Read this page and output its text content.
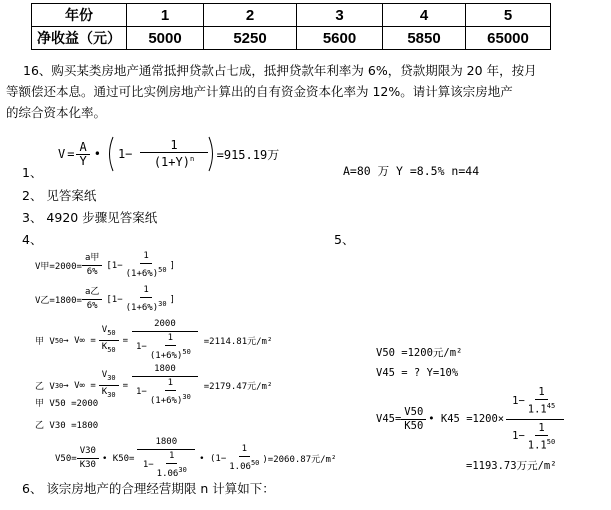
年份	1	2	3	4	5
净收益（元）	5000	5250	5600	5850	65000
16、购买某类房地产通常抵押贷款占七成，抵押贷款年利率为 6%，贷款期限为 20 年，按月
等额偿还本息。通过可比实例房地产计算出的自有资金资本化率为 12%。请计算该宗房地产
的综合资本化率。
1、
$V = \frac{A}{Y}$ • $1- \frac{1}{(1+Y)^n} =915.19$万
A=80 万 Y =8.5% n=44
2、 见答案纸
3、 4920 步骤见答案纸
4、
V甲=2000=
a甲
6%
[$1- \frac{1}{(1+6\%)^{50}}$ ]
V乙=1800=
a乙
6%
[$1- \frac{1}{(1+6\%)^{30}}$ ]
甲 V $50 \to V\infty = \frac{V_{50}}{K_{50}} = \frac{2000}{1- \frac{1}{(1+6\%)^{50}}} =2114.81$元/m²
乙 V $30 \to V\infty = \frac{V_{30}}{K_{30}} = \frac{1800}{1- \frac{1}{(1+6\%)^{30}}} =2179.47$元/m²
甲 V50 =2000
乙 V30 =1800
$V50= \frac{V30}{K30}$ • $K50= \frac{1800}{1- \frac{1}{1.06^{30}}}$ • $(1- \frac{1}{1.06^{50}} )=2060.87$元/m²
5、
V50 =1200元/m²
V45 = ? Y=10%
$V45= \frac{V50}{K50}$ • $K45 =1200\times \frac{1- \frac{1}{1.1^{45}}}{1- \frac{1}{1.1^{50}}}$
=1193.73万元/m²
6、 该宗房地产的合理经营期限 n 计算如下：
